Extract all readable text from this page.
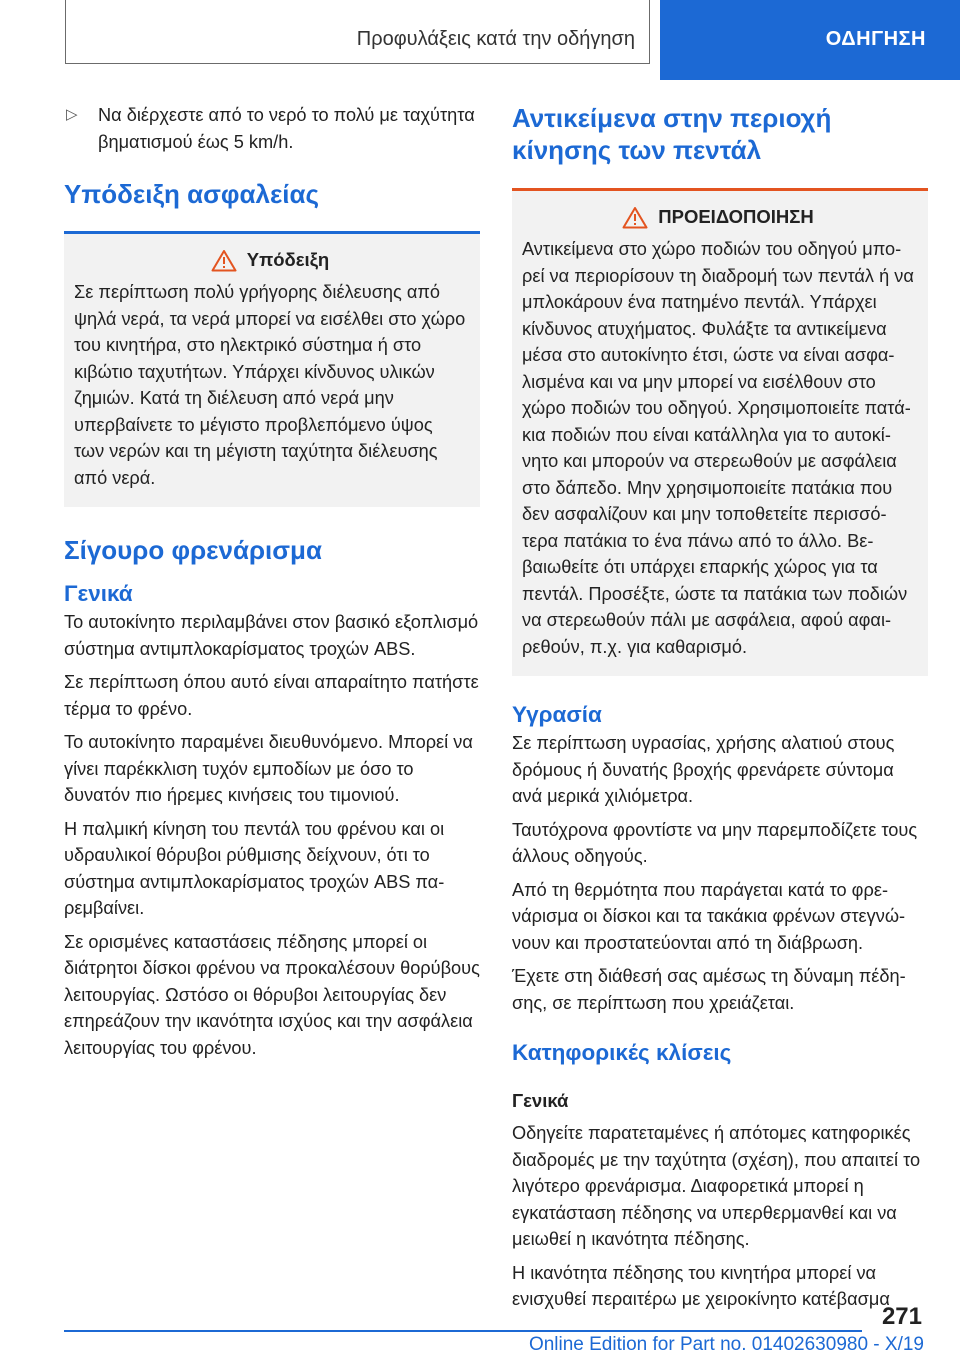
Προφυλάξεις κατά την οδήγηση	ΟΔΗΓΗΣΗ
▷	Να διέρχεστε από το νερό το πολύ με ταχύτητα βηματισμού έως 5 km/h.
Υπόδειξη ασφαλείας
Υπόδειξη
Σε περίπτωση πολύ γρήγορης διέλευσης από ψηλά νερά, τα νερά μπορεί να εισέλθει στο χώρο του κινητήρα, στο ηλεκτρικό σύστημα ή στο κιβώτιο ταχυτήτων. Υπάρχει κίνδυνος υλικών ζημιών. Κατά τη διέλευση από νερά μην υπερβαίνετε το μέγιστο προβλεπόμενο ύψος των νερών και τη μέγιστη ταχύτητα διέλευσης από νερά.
Σίγουρο φρενάρισμα
Γενικά
Το αυτοκίνητο περιλαμβάνει στον βασικό εξοπλισμό σύστημα αντιμπλοκαρίσματος τροχών ABS.
Σε περίπτωση όπου αυτό είναι απαραίτητο πατήστε τέρμα το φρένο.
Το αυτοκίνητο παραμένει διευθυνόμενο. Μπορεί να γίνει παρέκκλιση τυχόν εμποδίων με όσο το δυνατόν πιο ήρεμες κινήσεις του τιμονιού.
Η παλμική κίνηση του πεντάλ του φρένου και οι υδραυλικοί θόρυβοι ρύθμισης δείχνουν, ότι το σύστημα αντιμπλοκαρίσματος τροχών ABS παρεμβαίνει.
Σε ορισμένες καταστάσεις πέδησης μπορεί οι διάτρητοι δίσκοι φρένου να προκαλέσουν θορύβους λειτουργίας. Ωστόσο οι θόρυβοι λειτουργίας δεν επηρεάζουν την ικανότητα ισχύος και την ασφάλεια λειτουργίας του φρένου.
Αντικείμενα στην περιοχή κίνησης των πεντάλ
ΠΡΟΕΙΔΟΠΟΙΗΣΗ
Αντικείμενα στο χώρο ποδιών του οδηγού μπορεί να περιορίσουν τη διαδρομή των πεντάλ ή να μπλοκάρουν ένα πατημένο πεντάλ. Υπάρχει κίνδυνος ατυχήματος. Φυλάξτε τα αντικείμενα μέσα στο αυτοκίνητο έτσι, ώστε να είναι ασφαλισμένα και να μην μπορεί να εισέλθουν στο χώρο ποδιών του οδηγού. Χρησιμοποιείτε πατάκια ποδιών που είναι κατάλληλα για το αυτοκίνητο και μπορούν να στερεωθούν με ασφάλεια στο δάπεδο. Μην χρησιμοποιείτε πατάκια που δεν ασφαλίζουν και μην τοποθετείτε περισσότερα πατάκια το ένα πάνω από το άλλο. Βεβαιωθείτε ότι υπάρχει επαρκής χώρος για τα πεντάλ. Προσέξτε, ώστε τα πατάκια των ποδιών να στερεωθούν πάλι με ασφάλεια, αφού αφαιρεθούν, π.χ. για καθαρισμό.
Υγρασία
Σε περίπτωση υγρασίας, χρήσης αλατιού στους δρόμους ή δυνατής βροχής φρενάρετε σύντομα ανά μερικά χιλιόμετρα.
Ταυτόχρονα φροντίστε να μην παρεμποδίζετε τους άλλους οδηγούς.
Από τη θερμότητα που παράγεται κατά το φρενάρισμα οι δίσκοι και τα τακάκια φρένων στεγνώνουν και προστατεύονται από τη διάβρωση.
Έχετε στη διάθεσή σας αμέσως τη δύναμη πέδησης, σε περίπτωση που χρειάζεται.
Κατηφορικές κλίσεις
Γενικά
Οδηγείτε παρατεταμένες ή απότομες κατηφορικές διαδρομές με την ταχύτητα (σχέση), που απαιτεί το λιγότερο φρενάρισμα. Διαφορετικά μπορεί η εγκατάσταση πέδησης να υπερθερμανθεί και να μειωθεί η ικανότητα πέδησης.
Η ικανότητα πέδησης του κινητήρα μπορεί να ενισχυθεί περαιτέρω με χειροκίνητο κατέβασμα
271
Online Edition for Part no. 01402630980 - X/19
